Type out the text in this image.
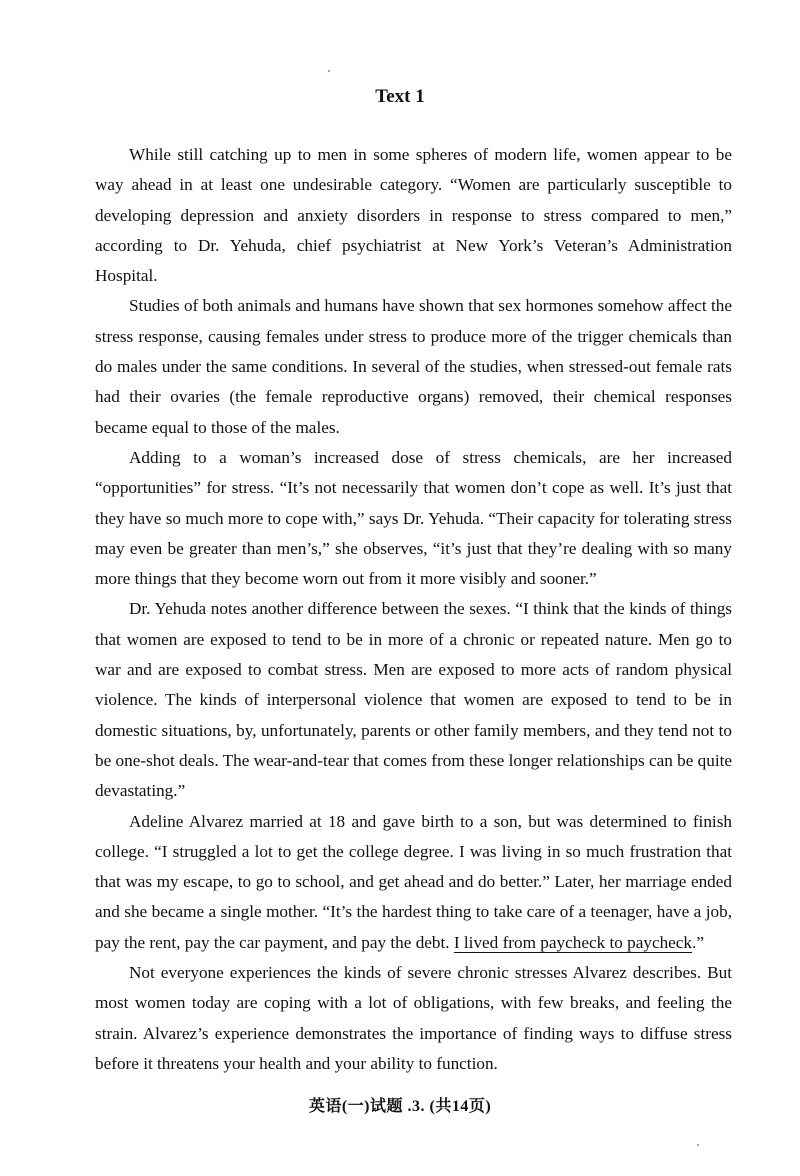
Text 1

While still catching up to men in some spheres of modern life, women appear to be way ahead in at least one undesirable category. “Women are particularly susceptible to developing depression and anxiety disorders in response to stress compared to men,” according to Dr. Yehuda, chief psychiatrist at New York’s Veteran’s Administration Hospital.

Studies of both animals and humans have shown that sex hormones somehow affect the stress response, causing females under stress to produce more of the trigger chemicals than do males under the same conditions. In several of the studies, when stressed-out female rats had their ovaries (the female reproductive organs) removed, their chemical responses became equal to those of the males.

Adding to a woman’s increased dose of stress chemicals, are her increased “opportunities” for stress. “It’s not necessarily that women don’t cope as well. It’s just that they have so much more to cope with,” says Dr. Yehuda. “Their capacity for tolerating stress may even be greater than men’s,” she observes, “it’s just that they’re dealing with so many more things that they become worn out from it more visibly and sooner.”

Dr. Yehuda notes another difference between the sexes. “I think that the kinds of things that women are exposed to tend to be in more of a chronic or repeated nature. Men go to war and are exposed to combat stress. Men are exposed to more acts of random physical violence. The kinds of interpersonal violence that women are exposed to tend to be in domestic situations, by, unfortunately, parents or other family members, and they tend not to be one-shot deals. The wear-and-tear that comes from these longer relationships can be quite devastating.”

Adeline Alvarez married at 18 and gave birth to a son, but was determined to finish college. “I struggled a lot to get the college degree. I was living in so much frustration that that was my escape, to go to school, and get ahead and do better.” Later, her marriage ended and she became a single mother. “It’s the hardest thing to take care of a teenager, have a job, pay the rent, pay the car payment, and pay the debt. I lived from paycheck to paycheck.”

Not everyone experiences the kinds of severe chronic stresses Alvarez describes. But most women today are coping with a lot of obligations, with few breaks, and feeling the strain. Alvarez’s experience demonstrates the importance of finding ways to diffuse stress before it threatens your health and your ability to function.

英语(一)试题 .3. (共14页)
